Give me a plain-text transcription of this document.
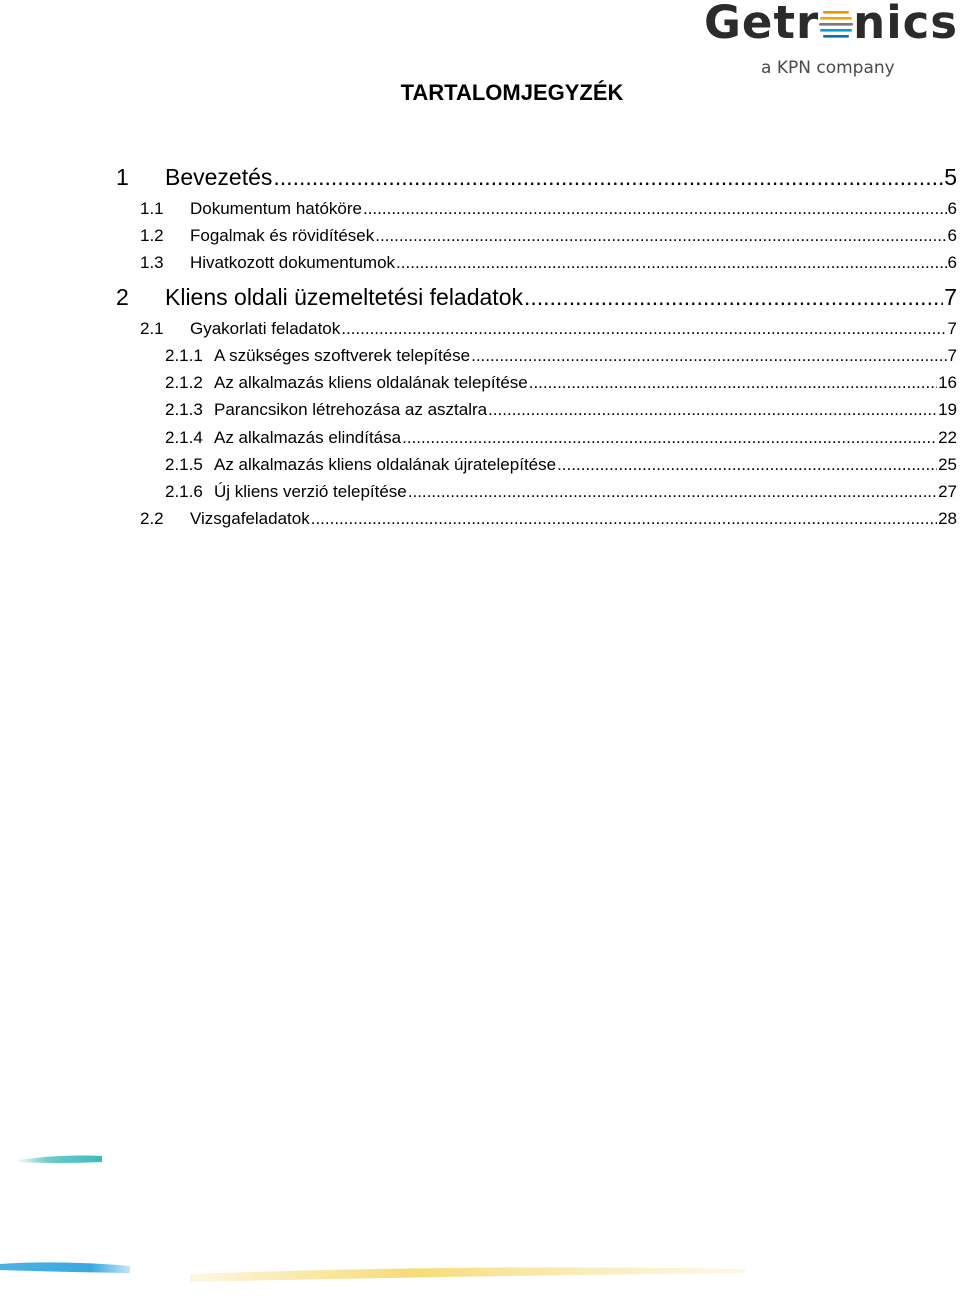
Getr nics
a KPN company
TARTALOMJEGYZÉK
1	Bevezetés .....	5
1.1	Dokumentum hatóköre .....	6
1.2	Fogalmak és rövidítések .....	6
1.3	Hivatkozott dokumentumok .....	6
2	Kliens oldali üzemeltetési feladatok .....	7
2.1	Gyakorlati feladatok .....	7
2.1.1 A szükséges szoftverek telepítése .....	7
2.1.2 Az alkalmazás kliens oldalának telepítése .....	16
2.1.3 Parancsikon létrehozása az asztalra .....	19
2.1.4 Az alkalmazás elindítása .....	22
2.1.5 Az alkalmazás kliens oldalának újratelepítése .....	25
2.1.6 Új kliens verzió telepítése .....	27
2.2	Vizsgafeladatok .....	28
